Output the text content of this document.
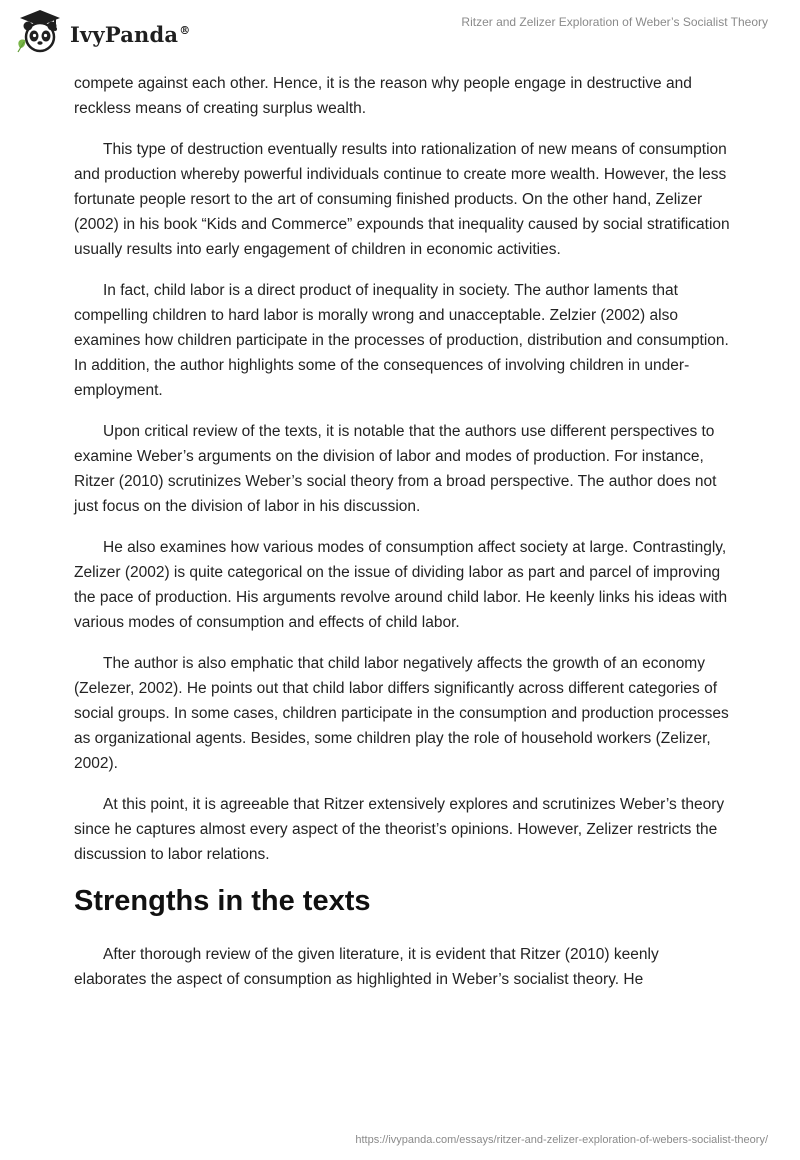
IvyPanda®
Ritzer and Zelizer Exploration of Weber’s Socialist Theory

compete against each other. Hence, it is the reason why people engage in destructive and reckless means of creating surplus wealth.

This type of destruction eventually results into rationalization of new means of consumption and production whereby powerful individuals continue to create more wealth. However, the less fortunate people resort to the art of consuming finished products. On the other hand, Zelizer (2002) in his book “Kids and Commerce” expounds that inequality caused by social stratification usually results into early engagement of children in economic activities.

In fact, child labor is a direct product of inequality in society. The author laments that compelling children to hard labor is morally wrong and unacceptable. Zelzier (2002) also examines how children participate in the processes of production, distribution and consumption. In addition, the author highlights some of the consequences of involving children in under-employment.

Upon critical review of the texts, it is notable that the authors use different perspectives to examine Weber’s arguments on the division of labor and modes of production. For instance, Ritzer (2010) scrutinizes Weber’s social theory from a broad perspective. The author does not just focus on the division of labor in his discussion.

He also examines how various modes of consumption affect society at large. Contrastingly, Zelizer (2002) is quite categorical on the issue of dividing labor as part and parcel of improving the pace of production. His arguments revolve around child labor. He keenly links his ideas with various modes of consumption and effects of child labor.

The author is also emphatic that child labor negatively affects the growth of an economy (Zelezer, 2002). He points out that child labor differs significantly across different categories of social groups. In some cases, children participate in the consumption and production processes as organizational agents. Besides, some children play the role of household workers (Zelizer, 2002).

At this point, it is agreeable that Ritzer extensively explores and scrutinizes Weber’s theory since he captures almost every aspect of the theorist’s opinions. However, Zelizer restricts the discussion to labor relations.

Strengths in the texts

After thorough review of the given literature, it is evident that Ritzer (2010) keenly elaborates the aspect of consumption as highlighted in Weber’s socialist theory. He

https://ivypanda.com/essays/ritzer-and-zelizer-exploration-of-webers-socialist-theory/
